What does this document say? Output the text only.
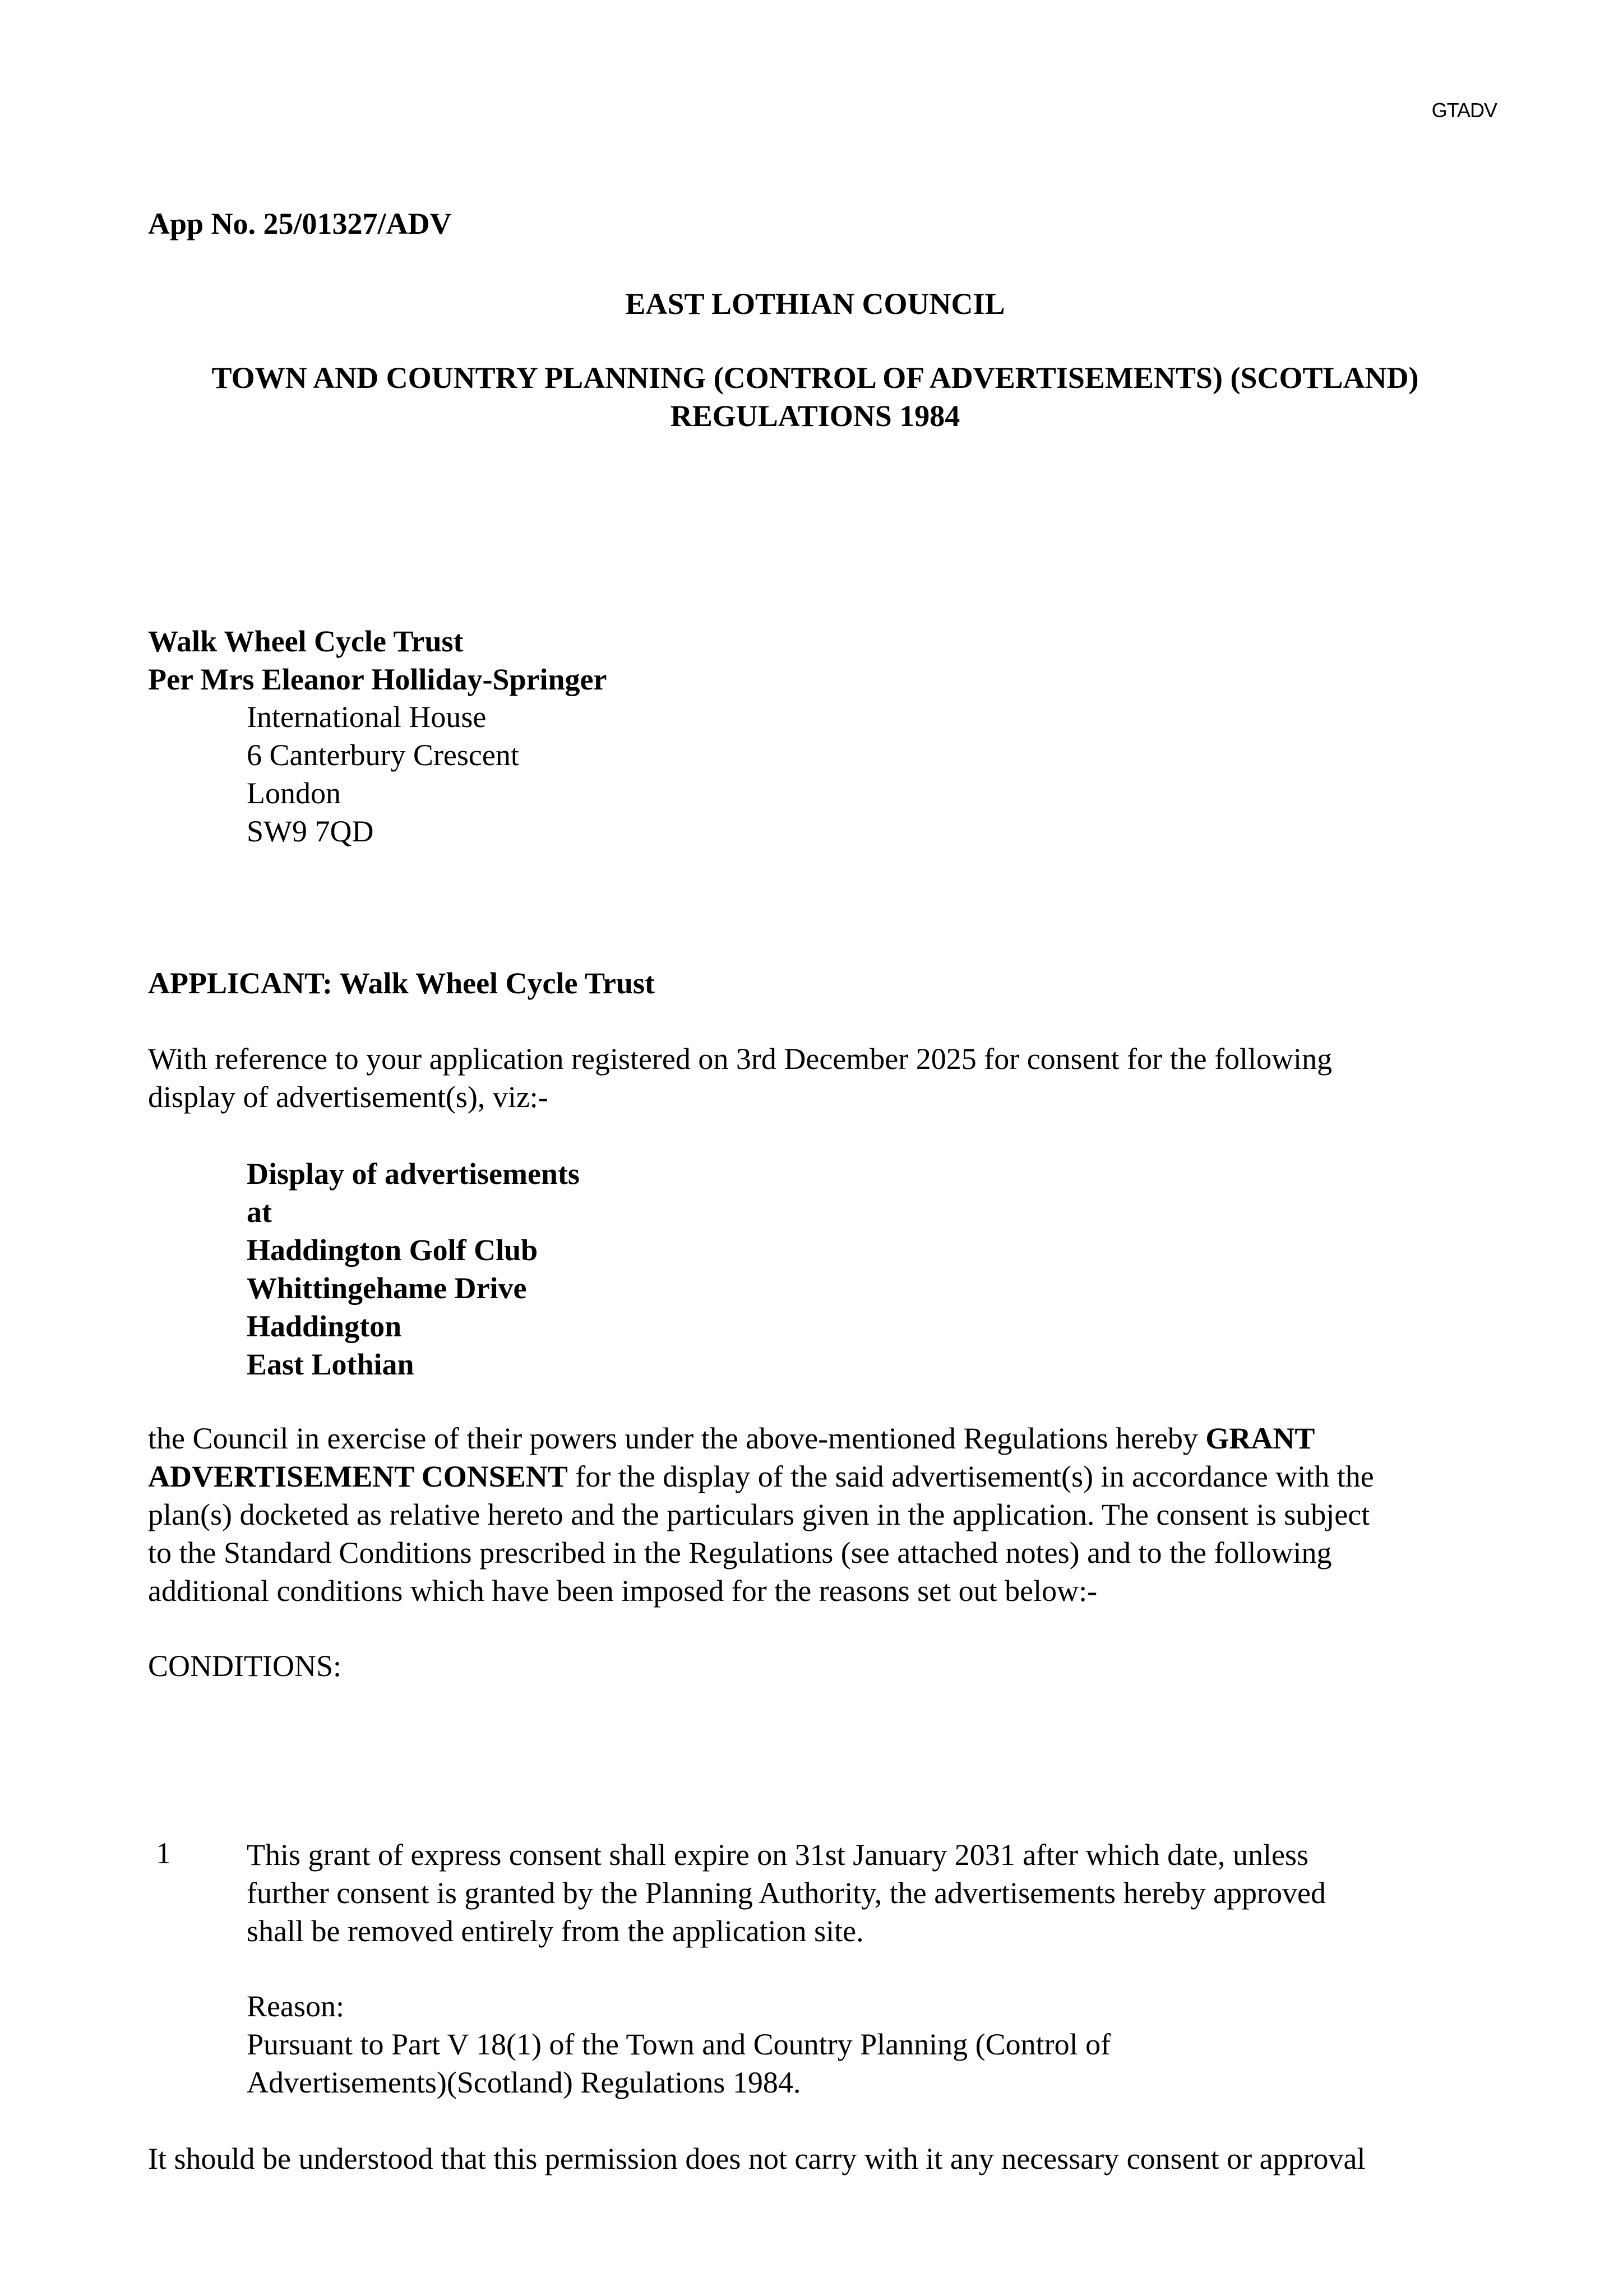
GTADV
App No. 25/01327/ADV
EAST LOTHIAN COUNCIL
TOWN AND COUNTRY PLANNING (CONTROL OF ADVERTISEMENTS) (SCOTLAND)
REGULATIONS 1984
Walk Wheel Cycle Trust
Per Mrs Eleanor Holliday-Springer
International House
6 Canterbury Crescent
London
SW9 7QD
APPLICANT: Walk Wheel Cycle Trust
With reference to your application registered on 3rd December 2025 for consent for the following
display of advertisement(s), viz:-
Display of advertisements
at
Haddington Golf Club
Whittingehame Drive
Haddington
East Lothian
the Council in exercise of their powers under the above-mentioned Regulations hereby GRANT
ADVERTISEMENT CONSENT for the display of the said advertisement(s) in accordance with the
plan(s) docketed as relative hereto and the particulars given in the application. The consent is subject
to the Standard Conditions prescribed in the Regulations (see attached notes) and to the following
additional conditions which have been imposed for the reasons set out below:-
CONDITIONS:
1	This grant of express consent shall expire on 31st January 2031 after which date, unless
further consent is granted by the Planning Authority, the advertisements hereby approved
shall be removed entirely from the application site.
Reason:
Pursuant to Part V 18(1) of the Town and Country Planning (Control of
Advertisements)(Scotland) Regulations 1984.
It should be understood that this permission does not carry with it any necessary consent or approval
